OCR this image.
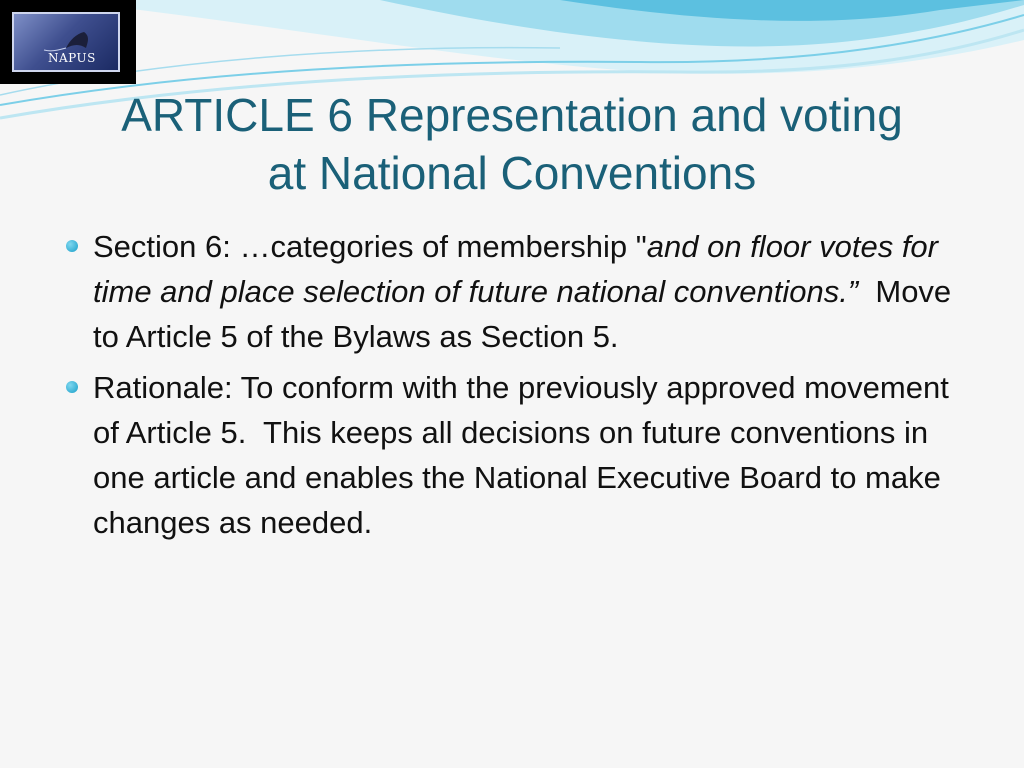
NAPUS
ARTICLE 6 Representation and voting
at National Conventions
Section 6: …categories of membership "and on floor votes for time and place selection of future national conventions.”  Move to Article 5 of the Bylaws as Section 5.
Rationale: To conform with the previously approved movement of Article 5.  This keeps all decisions on future conventions in one article and enables the National Executive Board to make changes as needed.
